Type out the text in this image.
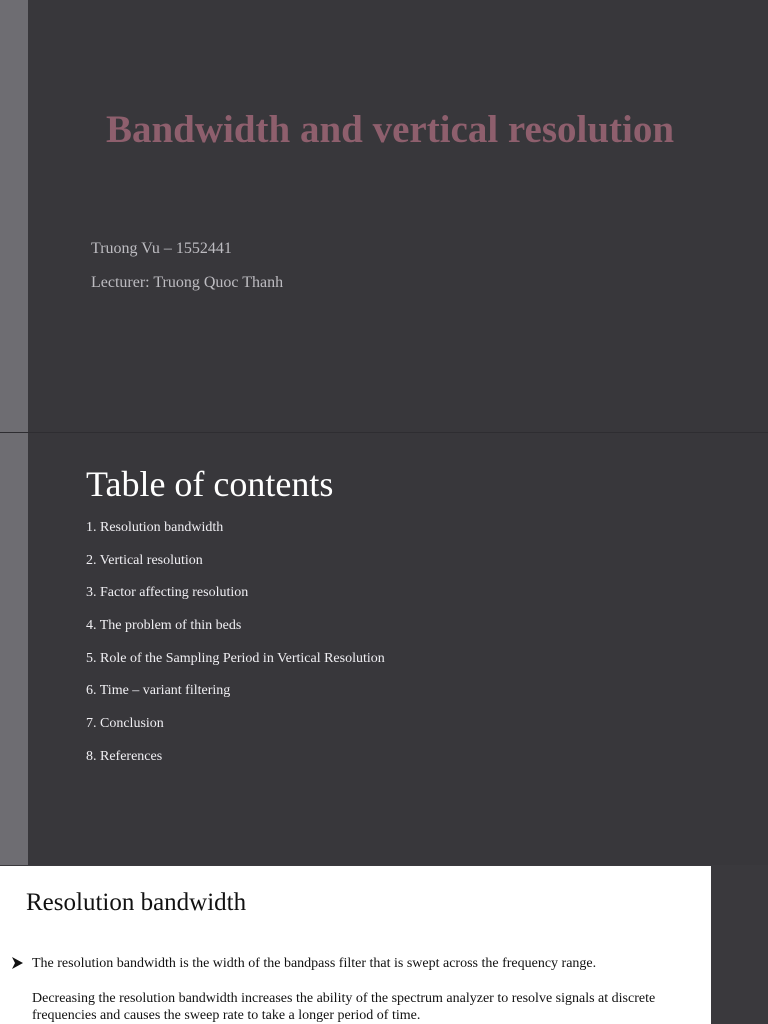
Bandwidth and vertical resolution
Truong Vu – 1552441
Lecturer: Truong Quoc Thanh
Table of contents
1. Resolution bandwidth
2. Vertical resolution
3. Factor affecting resolution
4. The problem of thin beds
5. Role of the Sampling Period in Vertical Resolution
6. Time – variant filtering
7. Conclusion
8. References
Resolution bandwidth
The resolution bandwidth is the width of the bandpass filter that is swept across the frequency range.
Decreasing the resolution bandwidth increases the ability of the spectrum analyzer to resolve signals at discrete frequencies and causes the sweep rate to take a longer period of time.
